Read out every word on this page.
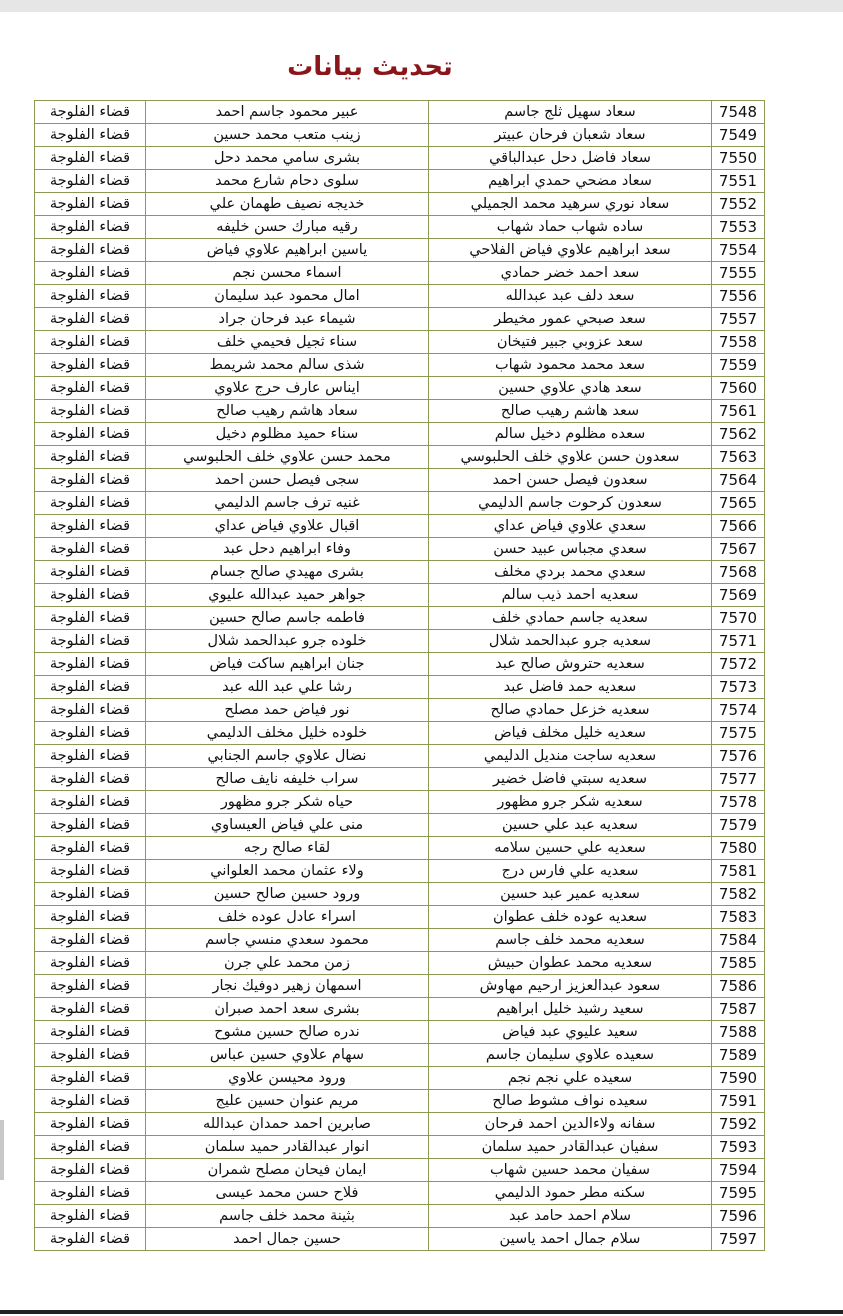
تحديث بيانات
7548	سعاد سهيل ثلج جاسم	عبير محمود جاسم احمد	قضاء الفلوجة
7549	سعاد شعبان فرحان عبيتر	زينب متعب محمد حسين	قضاء الفلوجة
7550	سعاد فاضل دحل عبدالباقي	بشرى سامي محمد دحل	قضاء الفلوجة
7551	سعاد مضحي حمدي ابراهيم	سلوى دحام شارع محمد	قضاء الفلوجة
7552	سعاد نوري سرهيد محمد الجميلي	خديجه نصيف طهمان علي	قضاء الفلوجة
7553	ساده شهاب حماد شهاب	رقيه مبارك حسن خليفه	قضاء الفلوجة
7554	سعد ابراهيم علاوي فياض الفلاحي	ياسين ابراهيم علاوي فياض	قضاء الفلوجة
7555	سعد احمد خضر حمادي	اسماء محسن نجم	قضاء الفلوجة
7556	سعد دلف عبد عبدالله	امال محمود عبد سليمان	قضاء الفلوجة
7557	سعد صبحي عمور مخيطر	شيماء عبد فرحان جراد	قضاء الفلوجة
7558	سعد عزوبي جبير فتيخان	سناء ثجيل فحيمي خلف	قضاء الفلوجة
7559	سعد محمد محمود شهاب	شذى سالم محمد شريمط	قضاء الفلوجة
7560	سعد هادي علاوي حسين	ايناس عارف حرج علاوي	قضاء الفلوجة
7561	سعد هاشم رهيب صالح	سعاد هاشم رهيب صالح	قضاء الفلوجة
7562	سعده مظلوم دخيل سالم	سناء حميد مظلوم دخيل	قضاء الفلوجة
7563	سعدون حسن علاوي خلف الحلبوسي	محمد حسن علاوي خلف الحلبوسي	قضاء الفلوجة
7564	سعدون فيصل حسن احمد	سجى فيصل حسن احمد	قضاء الفلوجة
7565	سعدون كرحوت جاسم الدليمي	غنيه ترف جاسم الدليمي	قضاء الفلوجة
7566	سعدي علاوي فياض عداي	اقبال علاوي فياض عداي	قضاء الفلوجة
7567	سعدي مجباس عبيد حسن	وفاء ابراهيم دحل عبد	قضاء الفلوجة
7568	سعدي محمد بردي مخلف	بشرى مهيدي صالح جسام	قضاء الفلوجة
7569	سعديه احمد ذيب سالم	جواهر حميد عبدالله عليوي	قضاء الفلوجة
7570	سعديه جاسم حمادي خلف	فاطمه جاسم صالح حسين	قضاء الفلوجة
7571	سعديه جرو عبدالحمد شلال	خلوده جرو عبدالحمد شلال	قضاء الفلوجة
7572	سعديه حتروش صالح عبد	جنان ابراهيم ساكت فياض	قضاء الفلوجة
7573	سعديه حمد فاضل عبد	رشا علي عبد الله عبد	قضاء الفلوجة
7574	سعديه خزعل حمادي صالح	نور فياض حمد مصلح	قضاء الفلوجة
7575	سعديه خليل مخلف فياض	خلوده خليل مخلف الدليمي	قضاء الفلوجة
7576	سعديه ساجت منديل الدليمي	نضال علاوي جاسم الجنابي	قضاء الفلوجة
7577	سعديه سبتي فاضل خضير	سراب خليفه نايف صالح	قضاء الفلوجة
7578	سعديه شكر جرو مظهور	حياه شكر جرو مظهور	قضاء الفلوجة
7579	سعديه عبد علي حسين	منى علي فياض العيساوي	قضاء الفلوجة
7580	سعديه علي حسين سلامه	لقاء صالح رجه	قضاء الفلوجة
7581	سعديه علي فارس درج	ولاء عثمان محمد العلواني	قضاء الفلوجة
7582	سعديه عمير عبد حسين	ورود حسين صالح حسين	قضاء الفلوجة
7583	سعديه عوده خلف عطوان	اسراء عادل عوده خلف	قضاء الفلوجة
7584	سعديه محمد خلف جاسم	محمود سعدي منسي جاسم	قضاء الفلوجة
7585	سعديه محمد عطوان حبيش	زمن محمد علي جرن	قضاء الفلوجة
7586	سعود عبدالعزيز ارحيم مهاوش	اسمهان زهير دوفيك نجار	قضاء الفلوجة
7587	سعيد رشيد خليل ابراهيم	بشرى سعد احمد صبران	قضاء الفلوجة
7588	سعيد عليوي عبد فياض	ندره صالح حسين مشوح	قضاء الفلوجة
7589	سعيده علاوي سليمان جاسم	سهام علاوي حسين عباس	قضاء الفلوجة
7590	سعيده علي نجم نجم	ورود محيسن علاوي	قضاء الفلوجة
7591	سعيده نواف مشوط صالح	مريم عنوان حسين عليج	قضاء الفلوجة
7592	سفانه ولاءالدين احمد فرحان	صابرين احمد حمدان عبدالله	قضاء الفلوجة
7593	سفيان عبدالقادر حميد سلمان	انوار عبدالقادر حميد سلمان	قضاء الفلوجة
7594	سفيان محمد حسين شهاب	ايمان فيحان مصلح شمران	قضاء الفلوجة
7595	سكنه مطر حمود الدليمي	فلاح حسن محمد عيسى	قضاء الفلوجة
7596	سلام احمد حامد عبد	بثينة محمد خلف جاسم	قضاء الفلوجة
7597	سلام جمال احمد ياسين	حسين جمال احمد	قضاء الفلوجة
